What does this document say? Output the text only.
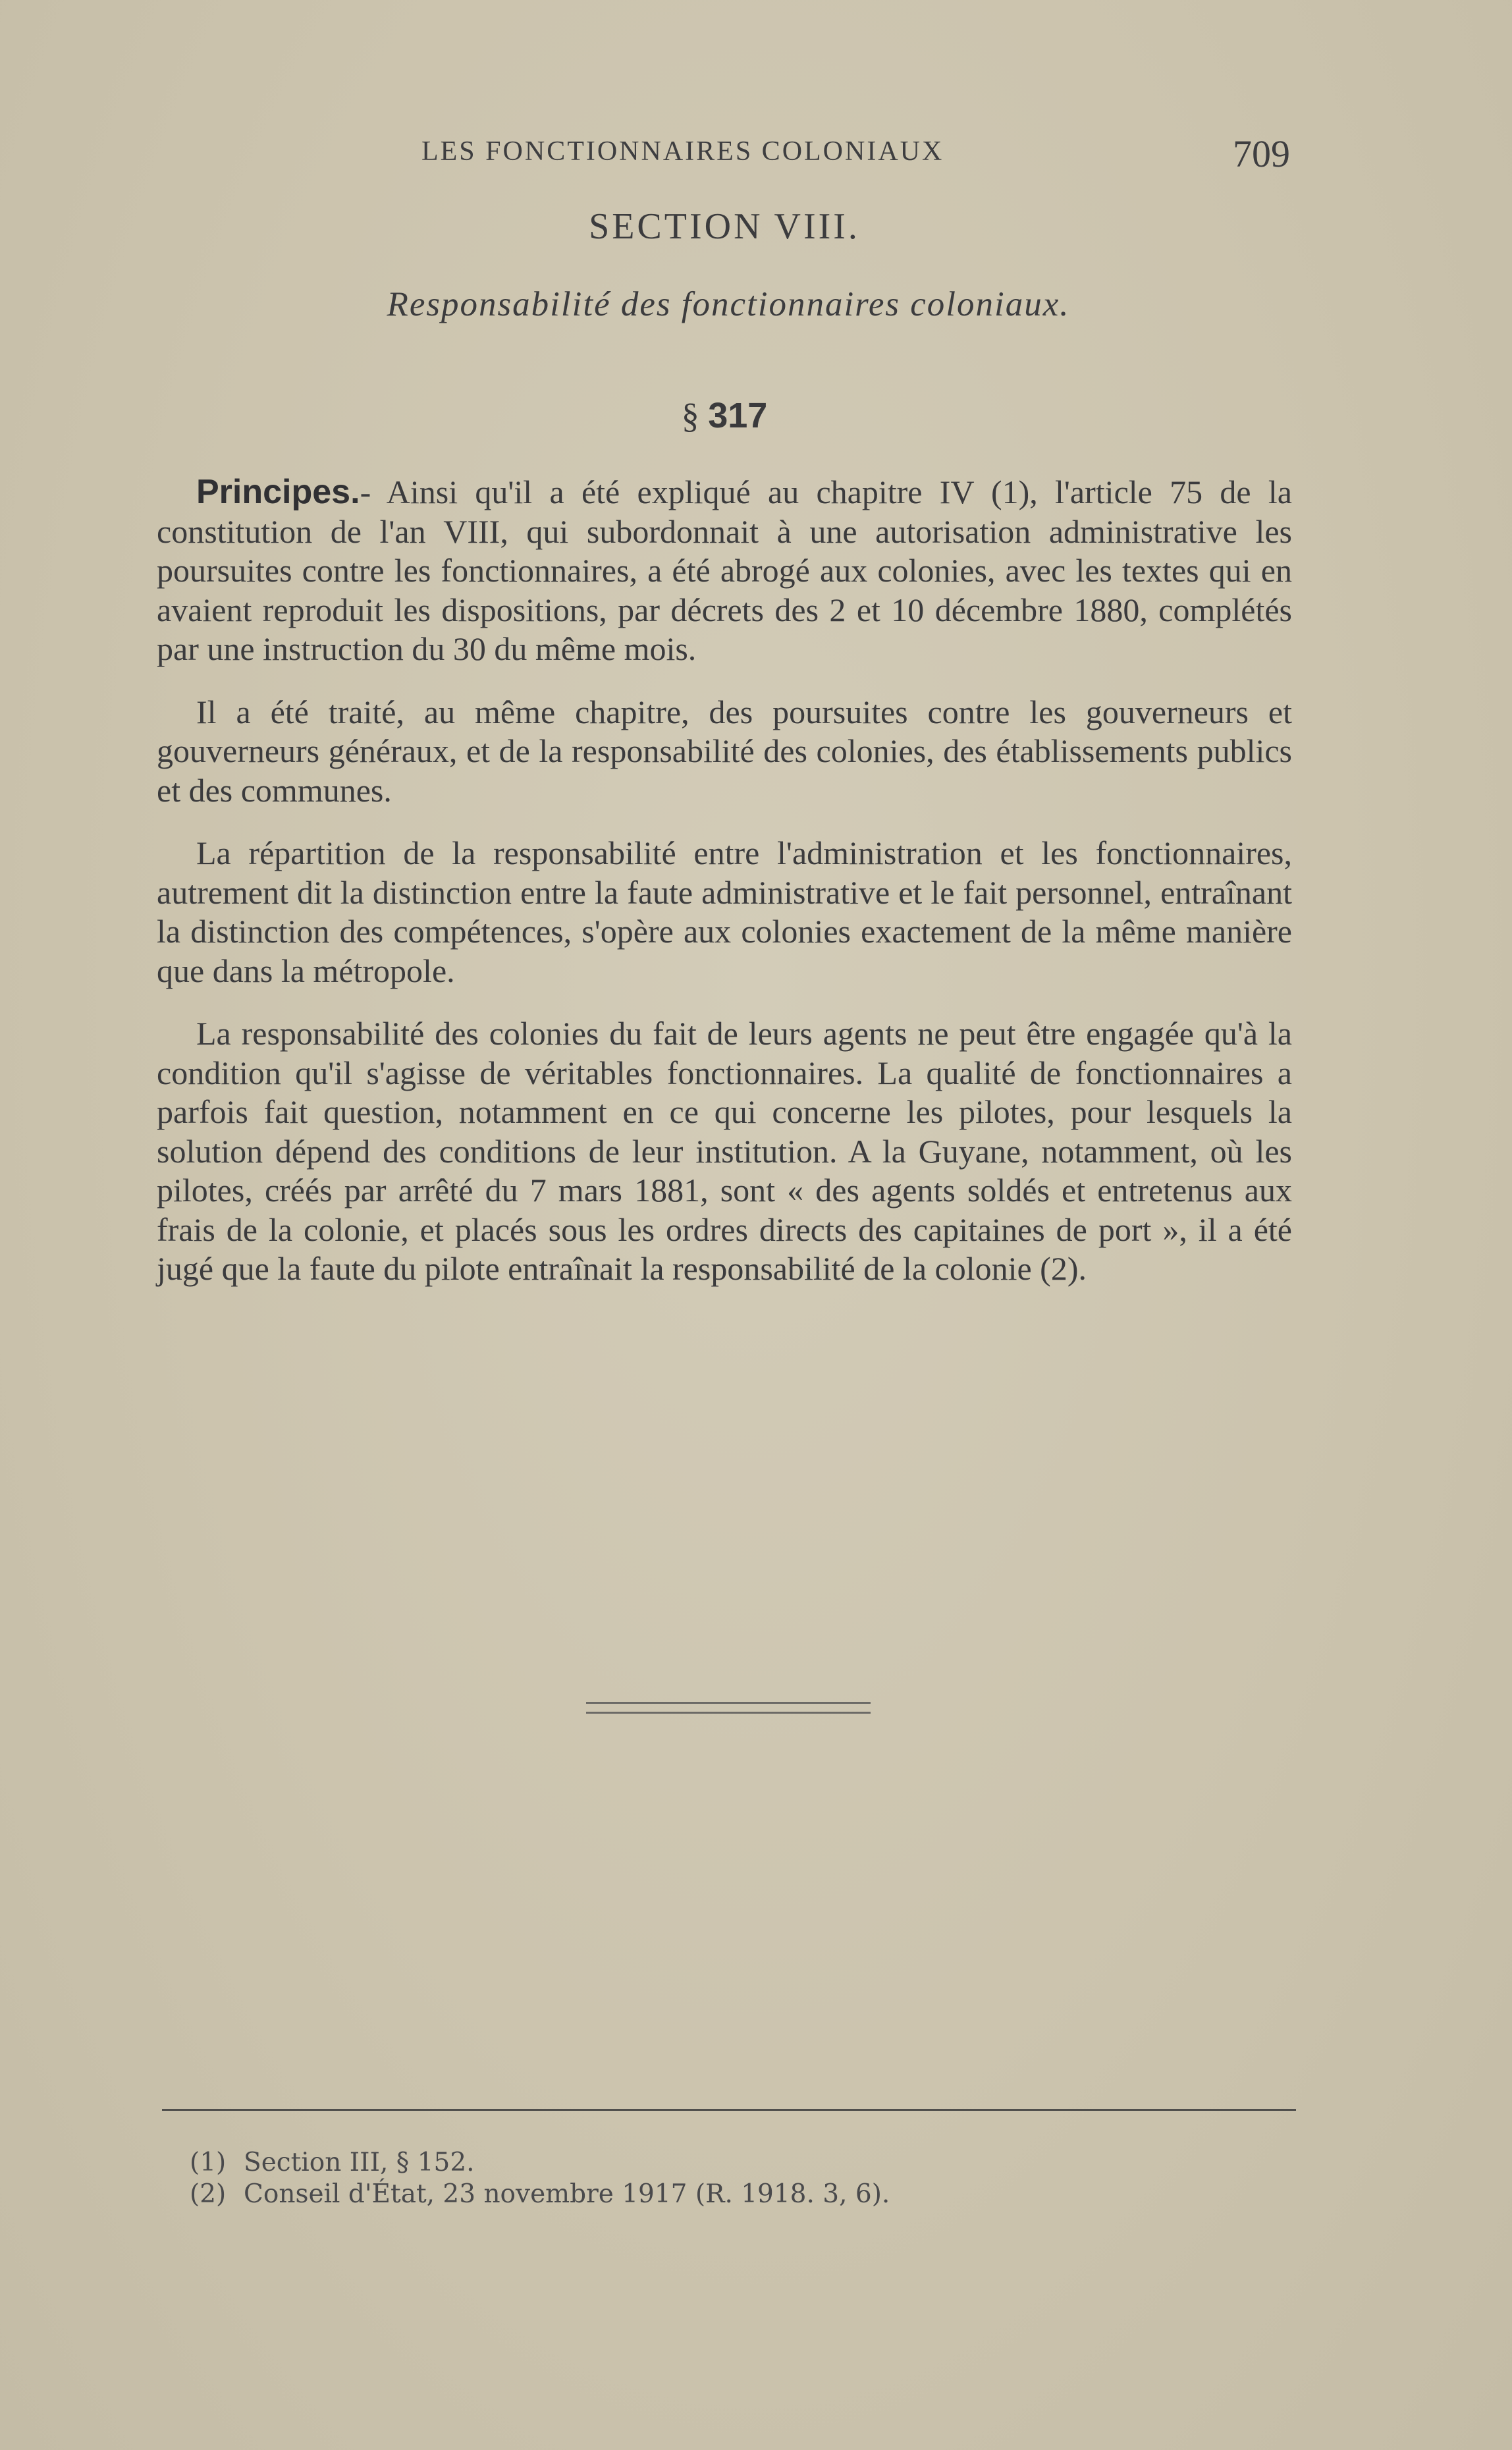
LES FONCTIONNAIRES COLONIAUX	709
SECTION VIII.
Responsabilité des fonctionnaires coloniaux.
§ 317

Principes.- Ainsi qu'il a été expliqué au chapitre IV (1), l'article 75 de la constitution de l'an VIII, qui subordonnait à une autorisation administrative les poursuites contre les fonctionnaires, a été abrogé aux colonies, avec les textes qui en avaient reproduit les dispositions, par décrets des 2 et 10 décembre 1880, complétés par une instruction du 30 du même mois.

Il a été traité, au même chapitre, des poursuites contre les gouverneurs et gouverneurs généraux, et de la responsabilité des colonies, des établissements publics et des communes.

La répartition de la responsabilité entre l'administration et les fonctionnaires, autrement dit la distinction entre la faute administrative et le fait personnel, entraînant la distinction des compétences, s'opère aux colonies exactement de la même manière que dans la métropole.

La responsabilité des colonies du fait de leurs agents ne peut être engagée qu'à la condition qu'il s'agisse de véritables fonctionnaires. La qualité de fonctionnaires a parfois fait question, notamment en ce qui concerne les pilotes, pour lesquels la solution dépend des conditions de leur institution. A la Guyane, notamment, où les pilotes, créés par arrêté du 7 mars 1881, sont « des agents soldés et entretenus aux frais de la colonie, et placés sous les ordres directs des capitaines de port », il a été jugé que la faute du pilote entraînait la responsabilité de la colonie (2).

(1) Section III, § 152.
(2) Conseil d'État, 23 novembre 1917 (R. 1918. 3, 6).
